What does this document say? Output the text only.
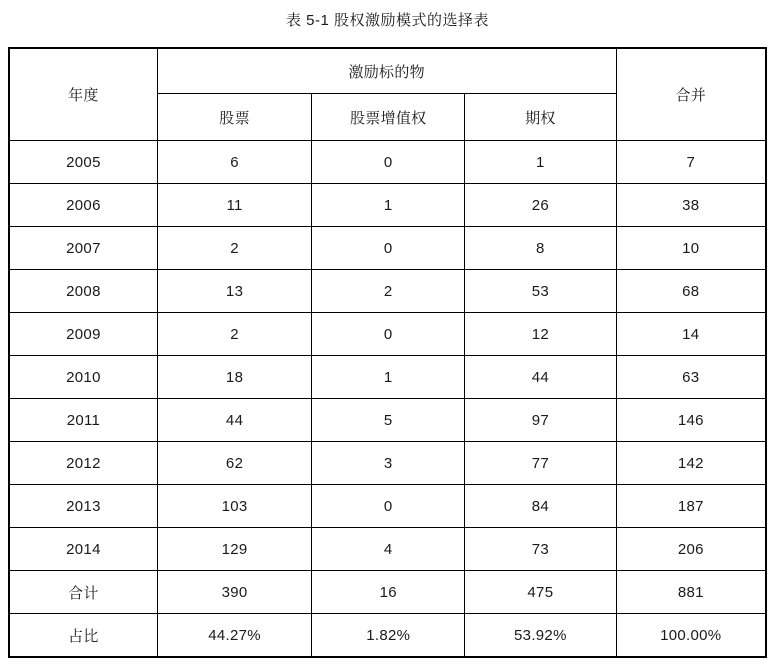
表 5-1 股权激励模式的选择表
年度	激励标的物			合并
	股票	股票增值权	期权	
2005	6	0	1	7
2006	11	1	26	38
2007	2	0	8	10
2008	13	2	53	68
2009	2	0	12	14
2010	18	1	44	63
2011	44	5	97	146
2012	62	3	77	142
2013	103	0	84	187
2014	129	4	73	206
合计	390	16	475	881
占比	44.27%	1.82%	53.92%	100.00%
